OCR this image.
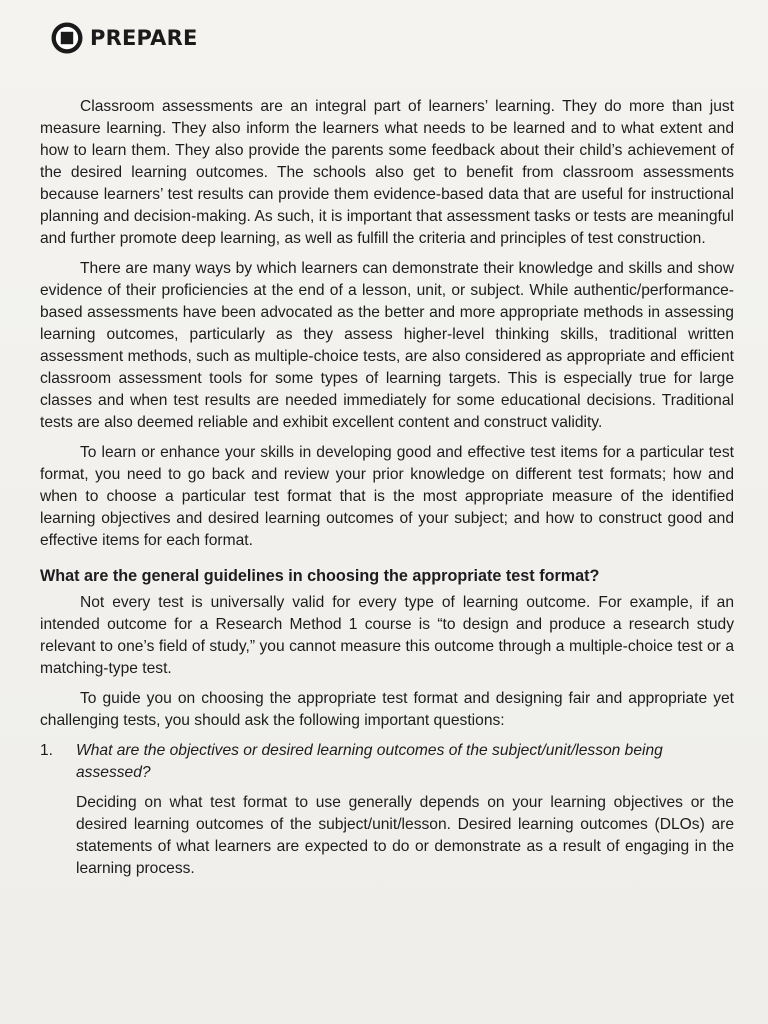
PREPARE

Classroom assessments are an integral part of learners’ learning. They do more than just measure learning. They also inform the learners what needs to be learned and to what extent and how to learn them. They also provide the parents some feedback about their child’s achievement of the desired learning outcomes. The schools also get to benefit from classroom assessments because learners’ test results can provide them evidence-based data that are useful for instructional planning and decision-making. As such, it is important that assessment tasks or tests are meaningful and further promote deep learning, as well as fulfill the criteria and principles of test construction.

There are many ways by which learners can demonstrate their knowledge and skills and show evidence of their proficiencies at the end of a lesson, unit, or subject. While authentic/performance-based assessments have been advocated as the better and more appropriate methods in assessing learning outcomes, particularly as they assess higher-level thinking skills, traditional written assessment methods, such as multiple-choice tests, are also considered as appropriate and efficient classroom assessment tools for some types of learning targets. This is especially true for large classes and when test results are needed immediately for some educational decisions. Traditional tests are also deemed reliable and exhibit excellent content and construct validity.

To learn or enhance your skills in developing good and effective test items for a particular test format, you need to go back and review your prior knowledge on different test formats; how and when to choose a particular test format that is the most appropriate measure of the identified learning objectives and desired learning outcomes of your subject; and how to construct good and effective items for each format.

What are the general guidelines in choosing the appropriate test format?

Not every test is universally valid for every type of learning outcome. For example, if an intended outcome for a Research Method 1 course is “to design and produce a research study relevant to one’s field of study,” you cannot measure this outcome through a multiple-choice test or a matching-type test.

To guide you on choosing the appropriate test format and designing fair and appropriate yet challenging tests, you should ask the following important questions:

1.	What are the objectives or desired learning outcomes of the subject/unit/lesson being assessed?
Deciding on what test format to use generally depends on your learning objectives or the desired learning outcomes of the subject/unit/lesson. Desired learning outcomes (DLOs) are statements of what learners are expected to do or demonstrate as a result of engaging in the learning process.
